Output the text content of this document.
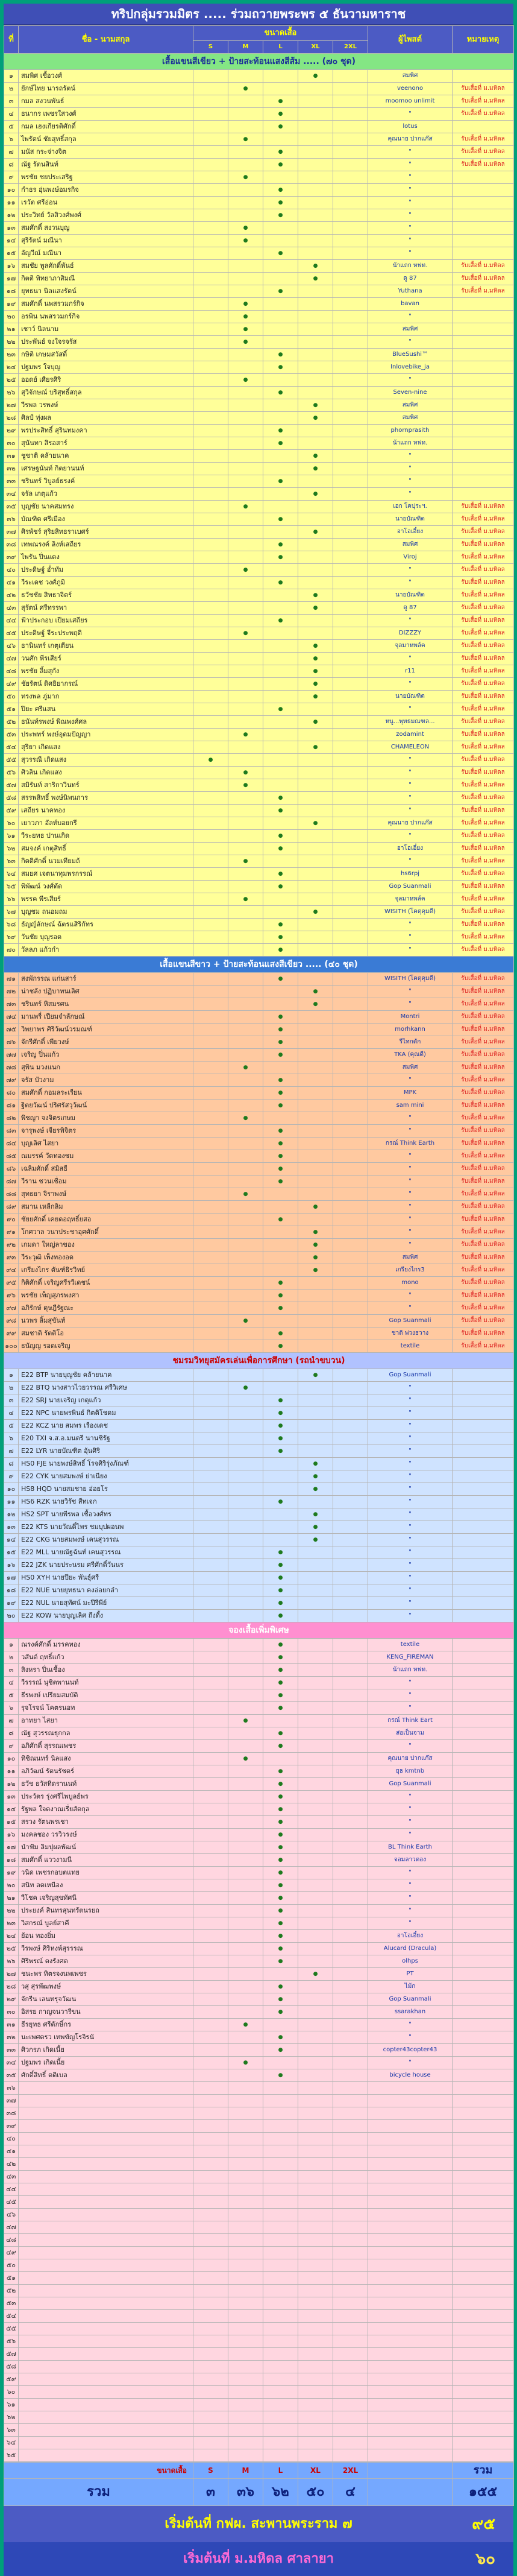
ทริปกลุ่มรวมมิตร ..... ร่วมถวายพระพร ๕ ธันวามหาราช
ที่	ชื่อ - นามสกุล	ขนาดเสื้อ					ผู้ไพสต์	หมายเหตุ
		S	M	L	XL	2XL		
เสื้อแขนสีเขียว + ป้ายสะท้อนแสงสีส้ม ..... (๗๐ ชุด)								
๑	สมพิศ เชื้อวงศ์				●		สมพิศ	
๒	ยักษ์ไทย นารถรัตน์		●				veenono	รับเสื้อที่ ม.มหิดล
๓	กมล สงวนพันธ์			●			moomoo unlimit	รับเสื้อที่ ม.มหิดล
๔	ธนากร เพชรใสวงศ์			●			"	รับเสื้อที่ ม.มหิดล
๕	กมล เฮงเกียรติศักดิ์			●			lotus	
๖	ไพรัตน์ ชัยสุทธิ์สกุล		●				คุณนาย ปากแก๊ส	รับเสื้อที่ ม.มหิดล
๗	มนัส กระจ่างจิต			●			"	รับเสื้อที่ ม.มหิดล
๘	ณัฐ รัตนสินท์			●			"	รับเสื้อที่ ม.มหิดล
๙	พรชัย ชยประเสริฐ		●				"	
๑๐	กำธร อุ่นพงษ์อมรกิจ			●			"	
๑๑	เรวัต ศรีอ่อน			●			"	
๑๒	ประวิทย์ วัลสิวงศ์พงศ์			●			"	
๑๓	สมศักดิ์ สงวนบุญ		●				"	
๑๔	สุริรัตน์ มณีนา		●				"	
๑๕	อัญวีณ์ มณีนา			●			"	
๑๖	สมชัย พูลศักดิ์พันธ์				●		น้าแถก หฟท.	รับเสื้อที่ ม.มหิดล
๑๗	กิตติ พิทยาภาสิมณี				●		ดู 87	รับเสื้อที่ ม.มหิดล
๑๘	ยุทธนา นิลแสงรัตน์			●			Yuthana	รับเสื้อที่ ม.มหิดล
๑๙	สมศักดิ์ นพสรวมกร์กิจ		●				bavan	
๒๐	อรพิน นพสรวมกร์กิจ		●				"	
๒๑	เชาว์ นิลนาม		●				สมพิศ	
๒๒	ประพันธ์ จงใจรจรัส		●				"	
๒๓	กษิติ เกษมสวัสดิ์			●			BlueSushi™	
๒๔	ปฐมพร ใจบุญ			●			Inlovebike_ja	
๒๕	ออดย์ เศียรศิริ		●				"	
๒๖	สุวิจักษณ์ บริสุทธิ์สกุล			●			Seven-nine	
๒๗	วีรพล วรพงษ์				●		สมพิศ	
๒๘	ศิลป์ ทุ่งผล				●		สมพิศ	
๒๙	พรประสิทธิ์ สุรินทมงคา			●			phornprasith	
๓๐	สุนันทา สิรอสาร์			●			น้าแถก หฟท.	
๓๑	ชูชาติ คล้ายนาค				●		"	
๓๒	เศรษฐนันท์ กิตยานนท์				●		"	
๓๓	ชรินทร์ วิบูลย์ธรงค์			●			"	
๓๔	จรัล เกตุแก้ว				●		"	
๓๕	บุญชัย นาคสมทรง		●				เอก โคปุระฯ.	รับเสื้อที่ ม.มหิดล
๓๖	บัณฑิต ศรีเมือง			●			นายบัณฑิต	รับเสื้อที่ ม.มหิดล
๓๗	ศิรพัชร์ สุริยสิทธราเบศร์				●		อาโอเอี๋ยง	รับเสื้อที่ ม.มหิดล
๓๘	เทพณรงค์ ลิงห์เสถียร			●			สมพิศ	รับเสื้อที่ ม.มหิดล
๓๙	ไพรัน ปิ่นแดง			●			Viroj	รับเสื้อที่ ม.มหิดล
๔๐	ประดิษฐ์ อ่ำทัม		●				"	รับเสื้อที่ ม.มหิดล
๔๑	วีระเดช วงศ์ภูมิ			●			"	รับเสื้อที่ ม.มหิดล
๔๒	ธวัชชัย สิทธาจิตร์				●		นายบัณฑิต	รับเสื้อที่ ม.มหิดล
๔๓	สุรัตน์ ศรีทรรพา				●		ดู 87	รับเสื้อที่ ม.มหิดล
๔๔	ฟ้าประกอบ เปียมเสถียร			●			"	รับเสื้อที่ ม.มหิดล
๔๕	ประดิษฐ์ จีระประพฤติ		●				DIZZZY	รับเสื้อที่ ม.มหิดล
๔๖	ธานินทร์ เกตุเตียน				●		จุลมาหพล์ค	รับเสื้อที่ ม.มหิดล
๔๗	วนศัก พีรเสียร์				●		"	รับเสื้อที่ ม.มหิดล
๔๘	พรชัย ลิ้มสุกัง				●		r11	รับเสื้อที่ ม.มหิดล
๔๙	ชัยรัตน์ ดิศธิยากรณ์				●		"	รับเสื้อที่ ม.มหิดล
๕๐	ทรงพล ภู่มาก				●		นายบัณฑิต	รับเสื้อที่ ม.มหิดล
๕๑	ปิยะ ศรีแสน			●			"	รับเสื้อที่ ม.มหิดล
๕๒	ธนันท์รพงษ์ พิณพงศ์ศล				●		หนู...พุทธมณฑล...	รับเสื้อที่ ม.มหิดล
๕๓	ประพทร์ พงษ์อุดมปัญญา		●				zodamint	รับเสื้อที่ ม.มหิดล
๕๔	สุริยา เกิดแสง				●		CHAMELEON	รับเสื้อที่ ม.มหิดล
๕๕	สุวรรณี เกิดแสง	●					"	รับเสื้อที่ ม.มหิดล
๕๖	ศิวลิน เกิดแสง		●				"	รับเสื้อที่ ม.มหิดล
๕๗	สมิรันท์ สาริกาวินทร์		●				"	รับเสื้อที่ ม.มหิดล
๕๘	สรรพสิทธิ์ พงษ์นิพนการ			●			"	รับเสื้อที่ ม.มหิดล
๕๙	เสถียร นาคทอง			●			"	รับเสื้อที่ ม.มหิดล
๖๐	เยาวภา อัลท์บอยกรี				●		คุณนาย ปากแก๊ส	รับเสื้อที่ ม.มหิดล
๖๑	วีระยทธ ปานเกิด			●			"	รับเสื้อที่ ม.มหิดล
๖๒	สมจงค์ เกตุสิทธิ์			●			อาโอเอี๋ยง	รับเสื้อที่ ม.มหิดล
๖๓	กิตติศักดิ์ นวมเทียมถ้		●				"	รับเสื้อที่ ม.มหิดล
๖๔	สมยศ เจตนาทุมพรกรรณ์			●			hs6rpj	รับเสื้อที่ ม.มหิดล
๖๕	พิพัฒน์ วงศ์ตัด			●			Gop Suanmali	รับเสื้อที่ ม.มหิดล
๖๖	พรรค พีรเสียร์		●				จุลมาหพล์ค	รับเสื้อที่ ม.มหิดล
๖๗	บุญชม ถนอมถม				●		WISITH (โคตุคุมดี)	รับเสื้อที่ ม.มหิดล
๖๘	ธัญญ์ลักษณ์ ฉัตรแสิริกัทร			●			"	รับเสื้อที่ ม.มหิดล
๖๙	วันชัย บุญรอด			●			"	รับเสื้อที่ ม.มหิดล
๗๐	วัลลภ แก้วกำ			●			"	รับเสื้อที่ ม.มหิดล
เสื้อแขนสีขาว + ป้ายสะท้อนแสงสีเขียว ..... (๔๐ ชุด)								
๗๑	สงพักรรณ แก่นสาร์			●			WISITH (โคตุคุมดี)	รับเสื้อที่ ม.มหิดล
๗๒	น่าชลัง ปฏิบาทนเลิศ				●		"	รับเสื้อที่ ม.มหิดล
๗๓	ชรินทร์ หิสมรศน				●		"	รับเสื้อที่ ม.มหิดล
๗๔	มานพรี่ เปียมจำลักษณ์			●			Montri	รับเสื้อที่ ม.มหิดล
๗๕	วิพยาพร ศิริวัฒน์วรมณฑ์			●			morhkann	รับเสื้อที่ ม.มหิดล
๗๖	จักรีศักดิ์ เพียวงษ์			●			รีไทกดัก	รับเสื้อที่ ม.มหิดล
๗๗	เจริญ ปิ่นแก้ว			●			TKA (คุณดี)	รับเสื้อที่ ม.มหิดล
๗๘	สุพิน มวงแนก		●				สมพิศ	รับเสื้อที่ ม.มหิดล
๗๙	จรัส บัวงาม			●			"	รับเสื้อที่ ม.มหิดล
๘๐	สมศักดิ์ กอมลระเรียน			●			MPK	รับเสื้อที่ ม.มหิดล
๘๑	ฐิตยวัฒน์ ปริศรัสวุวัฒน์			●			sam mini	รับเสื้อที่ ม.มหิดล
๘๒	พิชญา จงจิตรเกษม		●				"	รับเสื้อที่ ม.มหิดล
๘๓	จารุพงษ์ เจียรพิจิตร			●			"	รับเสื้อที่ ม.มหิดล
๘๔	บุญเลิศ ไสยา			●			กรณ์ Think Earth	รับเสื้อที่ ม.มหิดล
๘๕	ณมรรค์ วัดทองชม			●			"	รับเสื้อที่ ม.มหิดล
๘๖	เฉลิมศักดิ์ สมิสธี			●			"	รับเสื้อที่ ม.มหิดล
๘๗	วีราน ชวนเชื่อม			●			"	รับเสื้อที่ ม.มหิดล
๘๘	สุทธยา จิราพงษ์		●				"	รับเสื้อที่ ม.มหิดล
๘๙	สมาน เหลีกลิม				●		"	รับเสื้อที่ ม.มหิดล
๙๐	ชัยยศักดิ์ เคยดอฤทธิ์ยสอ			●			"	รับเสื้อที่ ม.มหิดล
๙๑	โกศวาล วนาประชาอุศศักดิ์				●		"	รับเสื้อที่ ม.มหิดล
๙๒	เกมดา ใหญ่ลาของ				●		"	รับเสื้อที่ ม.มหิดล
๙๓	วีระวุฒิ เพ็งทองอด				●		สมพิศ	รับเสื้อที่ ม.มหิดล
๙๔	เกรียงไกร ตันฑ์ธิรวิทย์				●		เกรียงไกร3	รับเสื้อที่ ม.มหิดล
๙๕	กิติศักดิ์ เจริญศรีรวีเดชน์			●			mono	รับเสื้อที่ ม.มหิดล
๙๖	พรชัย เพ็ญสุภรพงศา			●			"	รับเสื้อที่ ม.มหิดล
๙๗	อภิรักษ์ ดุษฎีรัฐณะ			●			"	รับเสื้อที่ ม.มหิดล
๙๘	นวพร ลิ้มสุขันท์		●				Gop Suanmali	รับเสื้อที่ ม.มหิดล
๙๙	สมชาติ รัตติโอ			●			ชาติ พ่วงธวาง	รับเสื้อที่ ม.มหิดล
๑๐๐	ธนัญญ รอดเจริญ			●			textile	รับเสื้อที่ ม.มหิดล
ชมรมวิทยุสมัครเล่นเพื่อการศึกษา (รถนำขบวน)								
๑	E22 BTP นายบุญชัย คล้ายนาค				●		Gop Suanmali	
๒	E22 BTQ นางสาวไวยวรรณ ศรีวิเศษ		●				"	
๓	E22 SRJ นายเจริญ เกตุแก้ว			●			"	
๔	E22 NPC นายพรพินธ์ กิตติโชดม			●			"	
๕	E22 KCZ นาย สมพร เรืองเดช			●			"	
๖	E20 TXI จ.ส.อ.มนตรี นานชิรัฐ			●			"	
๗	E22 LYR นายบัณฑิต อุ้นศิริ			●			"	
๘	HS0 FJE นายพงษ์สิทธิ์ โรจศิริรุ่งภัณฑ์				●		"	
๙	E22 CYK นายสมพงษ์ ย่าเนียง				●		"	
๑๐	HS8 HQD นายสมชาย อ่อยโร				●		"	
๑๑	HS6 RZK นายวิรัช สีทเจก			●			"	
๑๒	HS2 SPT นายพีรพล เชื้อวงศ์ทร				●		"	
๑๓	E22 KTS นายวัณดิ์ไพร ชมบุปผอนพ				●		"	
๑๔	E22 CKG นายสมพงษ์ เคนสุวรรณ				●		"	
๑๕	E22 MLL นายณัฐฉันท์ เคนสุวรรณ			●			"	
๑๖	E22 JZK นายประนรม ศรีศักดิ์วันนร			●			"	
๑๗	HS0 XYH นายปียะ พันธุ์ศรี			●			"	
๑๘	E22 NUE นายยุทธนา คงอ่อยกลำ			●			"	
๑๙	E22 NUL นายสุทัศน์ มะปีรีพีย์			●			"	
๒๐	E22 KOW นายบุญเลิศ ถึงดี้ง			●			"	
จองเสื้อเพิ่มพิเศษ								
๑	ณรงค์ศักดิ์ มรรคทอง			●			textile	
๒	วสันต์ ฤทธิ์แก้ว			●			KENG_FIREMAN	
๓	สิงหรา ปิ่นเชื้อง			●			น้าแถก หฟท.	
๔	วีรรรณ์ นุชิตพานนท์			●			"	
๕	ธีรพงษ์ เปรียมสมบัติ			●			"	
๖	รุจโรจน์ โคตรนอท			●			"	
๗	อาทยา ไสยา		●				กรณ์ Think Eart	
๘	ณัฐ สุวรรณธุกกล			●			ส่อเป็นจาม	
๙	อภิศักดิ์ สุรรณเพชร			●			"	
๑๐	ทิชิณนทร์ นิลแสง		●				คุณนาย ปากแก๊ส	
๑๑	อภิวัฒน์ รัตนรัชตร์			●			ยุธ kmtnb	
๑๒	ธวัช ธวัสทิดรานนท์			●			Gop Suanmali	
๑๓	ประวัตร รุ่งศรีไพบูลย์พร			●			"	
๑๔	รัฐพล ใจดงาณเรื่ยสัตกุล			●			"	
๑๕	สรวง รัตนพรเชา			●			"	
๑๖	มงคลชอง วรวิวรงษ์			●			"	
๑๗	นำฟ้ม ลิมปุผลพัฒน์			●			BL Think Earth	
๑๘	สมศักดิ์ แววงามนี			●			จอมลาวตอง	
๑๙	วนิด เพชรกอบตแทย			●			"	
๒๐	สนิท ลดเหนือง			●			"	
๒๑	วีโชค เจริญสุขทัศนี			●			"	
๒๒	ประยงค์ สินทรสุนทรัตนรยถ			●			"	
๒๓	วิสกรณ์ บูลย์สาคี			●			"	
๒๔	ย้อน ทองยิ่ม			●			อาโอเอี๋ยง	
๒๕	วีรพงษ์ ศิริหงพ์สุรรรณ			●			Alucard (Dracula)	
๒๖	ศิริพรณ์ ตงรังศต			●			olhps	
๒๗	ชนะพร ทิตรจงนพเพชร				●		PT	
๒๘	วสุ สุรพัฒพงษ์			●			ไม้ก	
๒๙	จักรีน เลนทรุจวัฒน			●			Gop Suanmali	
๓๐	อิสรย กาญจนวารีขน			●			ssarakhan	
๓๑	ธีรยุทธ ศรีดักษิ์กร		●				"	
๓๒	นะเพศตรว เทพขัญโรจิรนั			●			"	
๓๓	ศิวกรภ เกิดเนี้ย			●			copter43copter43	
๓๔	ปฐมพร เกิดเนี้ย		●				"	
๓๕	ศักดิ์สิทธิ์ ตติเบล			●			bicycle house	
๓๖								
๓๗								
๓๘								
๓๙								
๔๐								
๔๑								
๔๒								
๔๓								
๔๔								
๔๕								
๔๖								
๔๗								
๔๘								
๔๙								
๕๐								
๕๑								
๕๒								
๕๓								
๕๔								
๕๕								
๕๖								
๕๗								
๕๘								
๕๙								
๖๐								
๖๑								
๖๒								
๖๓								
๖๔								
๖๕								
ขนาดเสื้อ	S	M	L	XL	2XL		รวม
รวม	๓	๓๖	๖๒	๕๐	๔		๑๕๕
เริ่มต้นที่ กฟผ. สะพานพระราม ๗	๙๕
เริ่มต้นที่ ม.มหิดล ศาลายา	๖๐
